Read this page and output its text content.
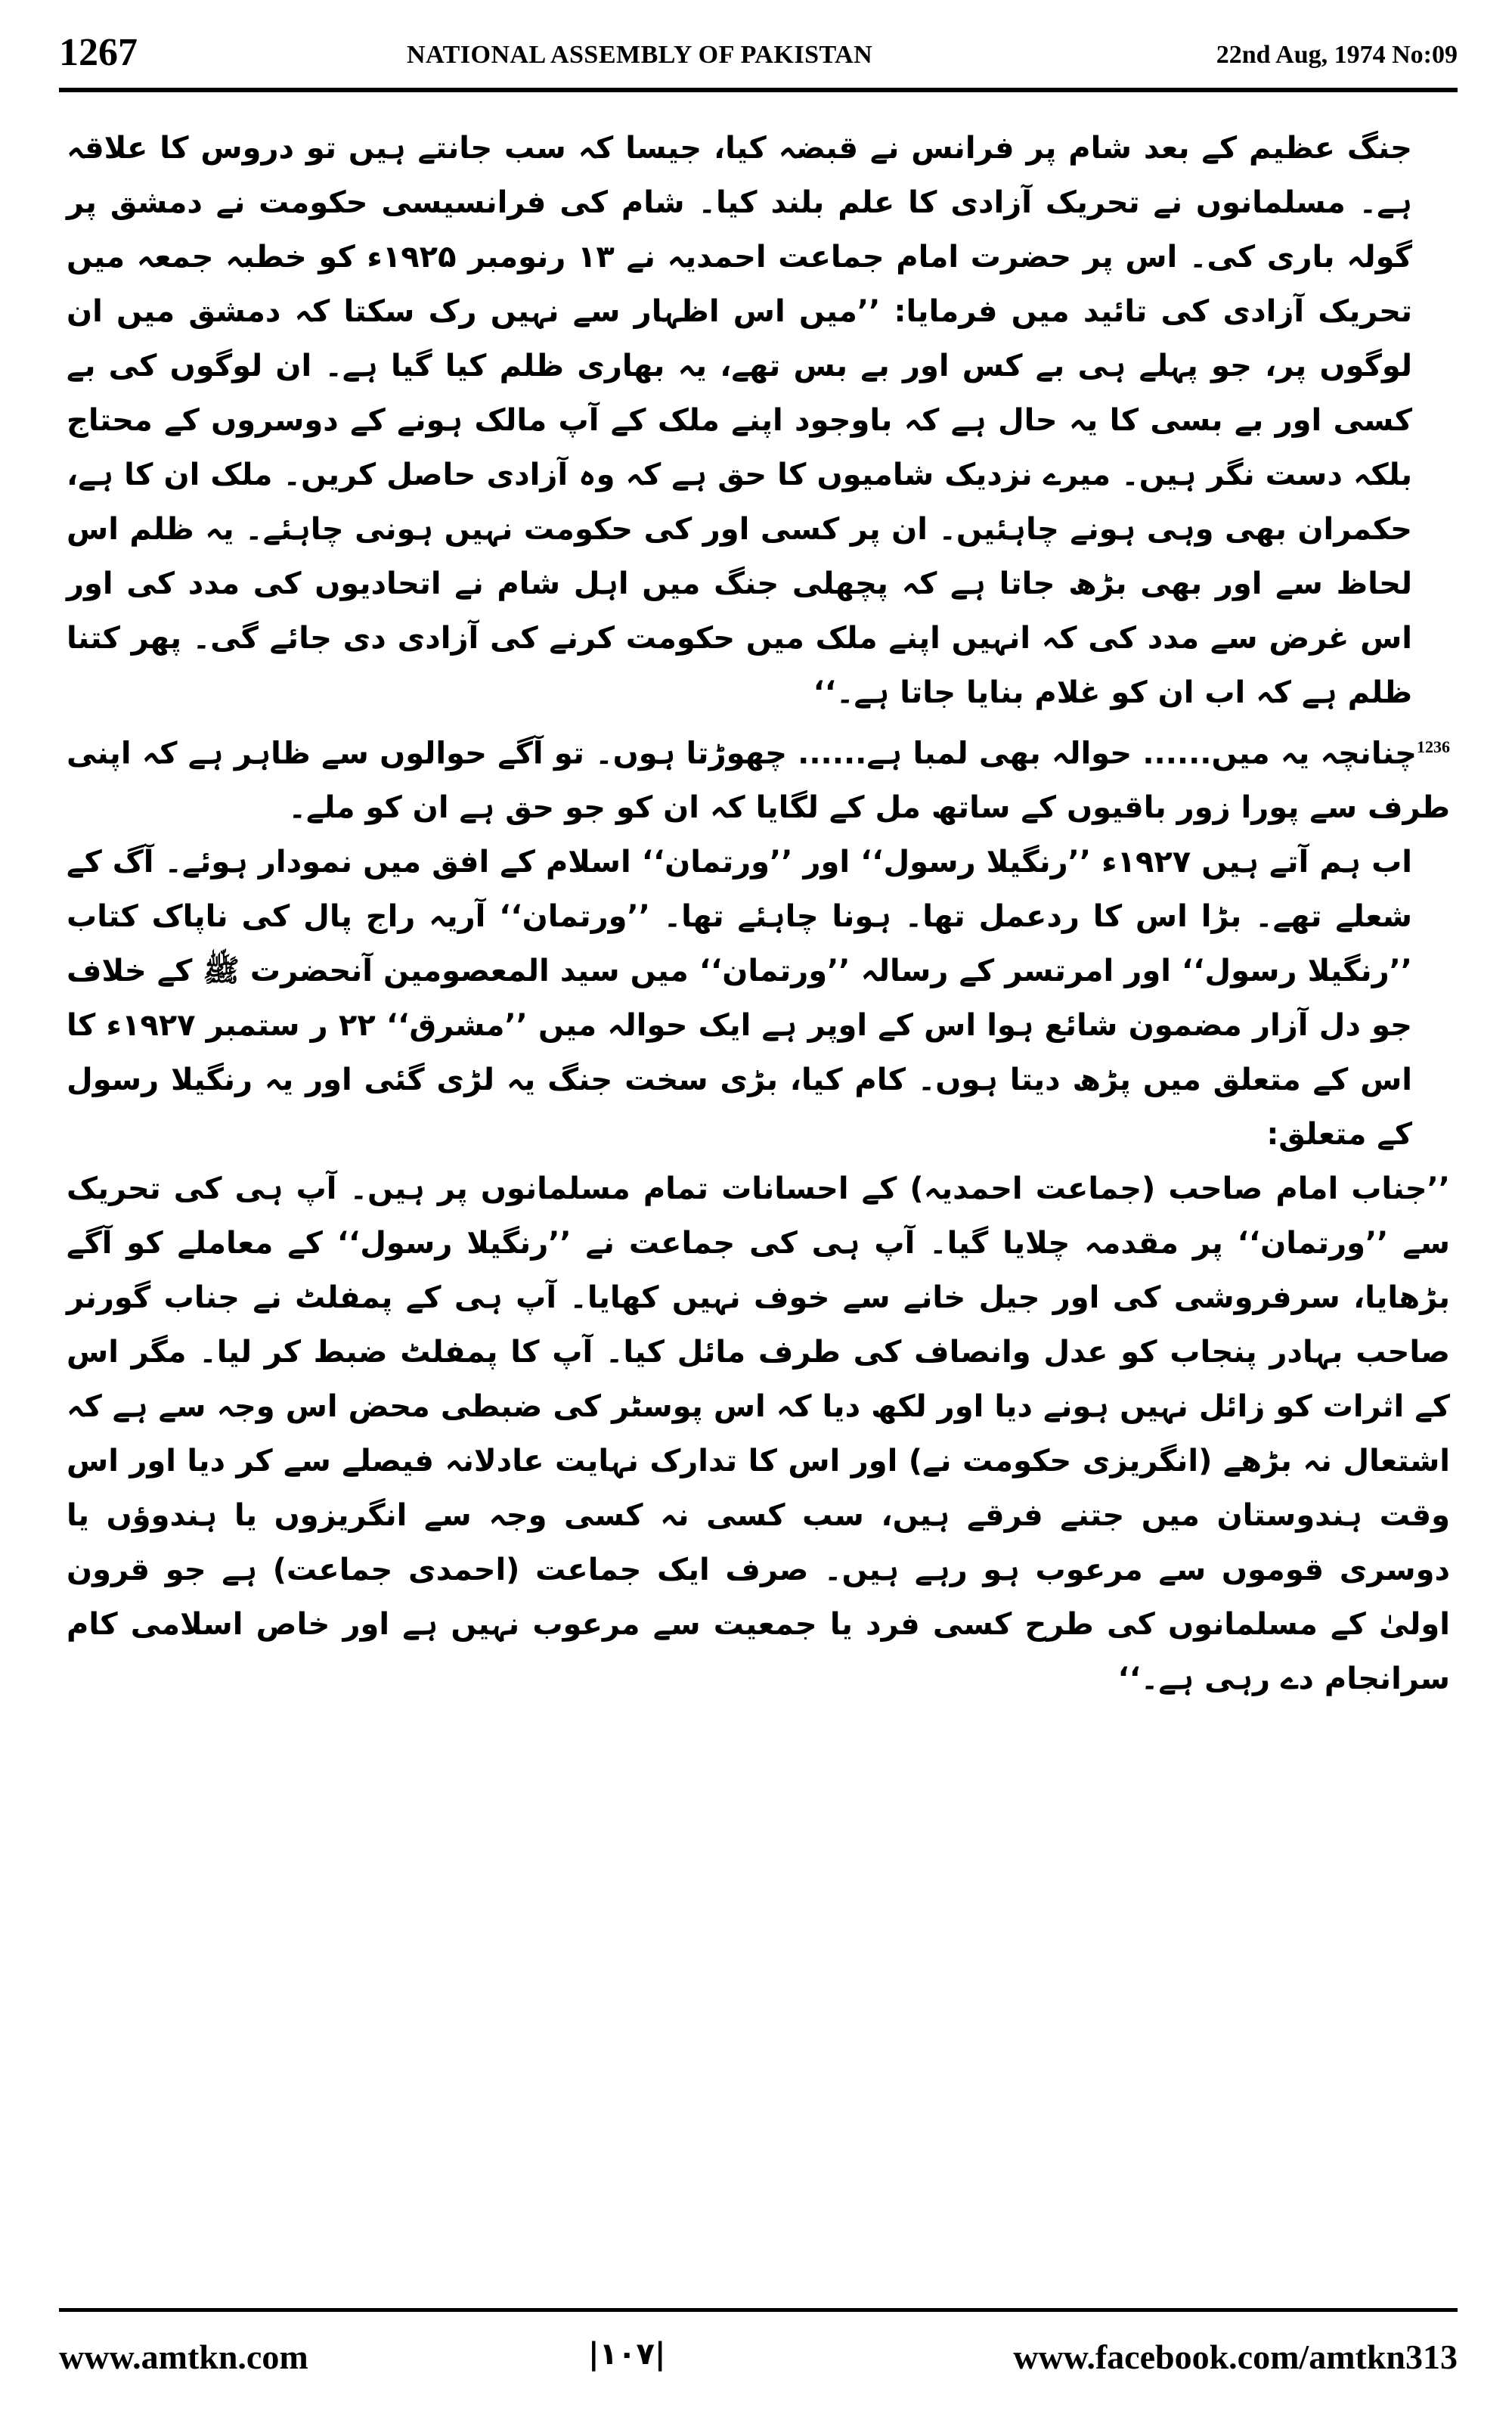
1267	NATIONAL ASSEMBLY OF PAKISTAN	22nd Aug, 1974 No:09

جنگ عظیم کے بعد شام پر فرانس نے قبضہ کیا، جیسا کہ سب جانتے ہیں تو دروس کا علاقہ ہے۔ مسلمانوں نے تحریک آزادی کا علم بلند کیا۔ شام کی فرانسیسی حکومت نے دمشق پر گولہ باری کی۔ اس پر حضرت امام جماعت احمدیہ نے ۱۳ رنومبر ۱۹۲۵ء کو خطبہ جمعہ میں تحریک آزادی کی تائید میں فرمایا: ’’میں اس اظہار سے نہیں رک سکتا کہ دمشق میں ان لوگوں پر، جو پہلے ہی بے کس اور بے بس تھے، یہ بھاری ظلم کیا گیا ہے۔ ان لوگوں کی بے کسی اور بے بسی کا یہ حال ہے کہ باوجود اپنے ملک کے آپ مالک ہونے کے دوسروں کے محتاج بلکہ دست نگر ہیں۔ میرے نزدیک شامیوں کا حق ہے کہ وہ آزادی حاصل کریں۔ ملک ان کا ہے، حکمران بھی وہی ہونے چاہئیں۔ ان پر کسی اور کی حکومت نہیں ہونی چاہئے۔ یہ ظلم اس لحاظ سے اور بھی بڑھ جاتا ہے کہ پچھلی جنگ میں اہل شام نے اتحادیوں کی مدد کی اور اس غرض سے مدد کی کہ انہیں اپنے ملک میں حکومت کرنے کی آزادی دی جائے گی۔ پھر کتنا ظلم ہے کہ اب ان کو غلام بنایا جاتا ہے۔‘‘

$^{1236}$چنانچہ یہ میں...... حوالہ بھی لمبا ہے...... چھوڑتا ہوں۔ تو آگے حوالوں سے ظاہر ہے کہ اپنی طرف سے پورا زور باقیوں کے ساتھ مل کے لگایا کہ ان کو جو حق ہے ان کو ملے۔

اب ہم آتے ہیں ۱۹۲۷ء ’’رنگیلا رسول‘‘ اور ’’ورتمان‘‘ اسلام کے افق میں نمودار ہوئے۔ آگ کے شعلے تھے۔ بڑا اس کا ردعمل تھا۔ ہونا چاہئے تھا۔ ’’ورتمان‘‘ آریہ راج پال کی ناپاک کتاب ’’رنگیلا رسول‘‘ اور امرتسر کے رسالہ ’’ورتمان‘‘ میں سید المعصومین آنحضرت ﷺ کے خلاف جو دل آزار مضمون شائع ہوا اس کے اوپر ہے ایک حوالہ میں ’’مشرق‘‘ ۲۲ ر ستمبر ۱۹۲۷ء کا اس کے متعلق میں پڑھ دیتا ہوں۔ کام کیا، بڑی سخت جنگ یہ لڑی گئی اور یہ رنگیلا رسول کے متعلق:

’’جناب امام صاحب (جماعت احمدیہ) کے احسانات تمام مسلمانوں پر ہیں۔ آپ ہی کی تحریک سے ’’ورتمان‘‘ پر مقدمہ چلایا گیا۔ آپ ہی کی جماعت نے ’’رنگیلا رسول‘‘ کے معاملے کو آگے بڑھایا، سرفروشی کی اور جیل خانے سے خوف نہیں کھایا۔ آپ ہی کے پمفلٹ نے جناب گورنر صاحب بہادر پنجاب کو عدل وانصاف کی طرف مائل کیا۔ آپ کا پمفلٹ ضبط کر لیا۔ مگر اس کے اثرات کو زائل نہیں ہونے دیا اور لکھ دیا کہ اس پوسٹر کی ضبطی محض اس وجہ سے ہے کہ اشتعال نہ بڑھے (انگریزی حکومت نے) اور اس کا تدارک نہایت عادلانہ فیصلے سے کر دیا اور اس وقت ہندوستان میں جتنے فرقے ہیں، سب کسی نہ کسی وجہ سے انگریزوں یا ہندوؤں یا دوسری قوموں سے مرعوب ہو رہے ہیں۔ صرف ایک جماعت (احمدی جماعت) ہے جو قرون اولیٰ کے مسلمانوں کی طرح کسی فرد یا جمعیت سے مرعوب نہیں ہے اور خاص اسلامی کام سرانجام دے رہی ہے۔‘‘

www.amtkn.com	|۱۰۷|	www.facebook.com/amtkn313
